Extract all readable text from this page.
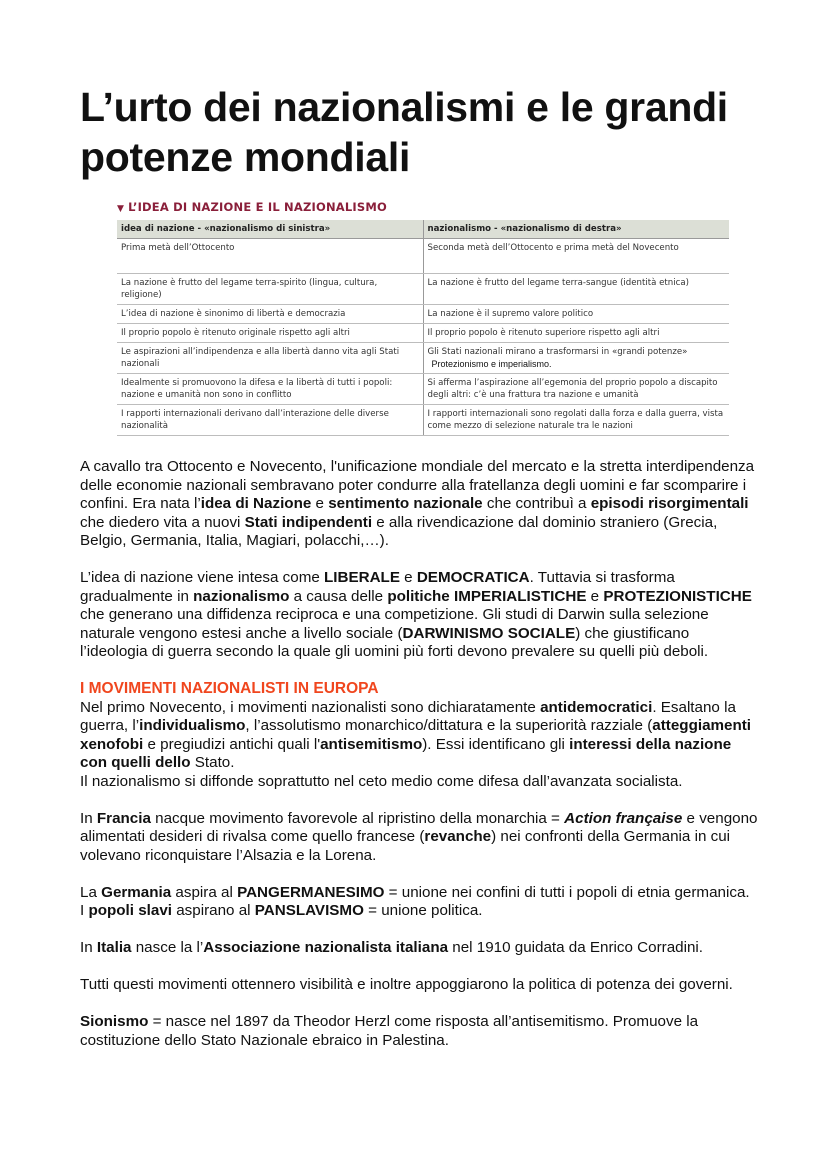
L’urto dei nazionalismi e le grandi potenze mondiali
▼ L’IDEA DI NAZIONE E IL NAZIONALISMO
idea di nazione - «nazionalismo di sinistra»	nazionalismo - «nazionalismo di destra»
Prima metà dell’Ottocento	Seconda metà dell’Ottocento e prima metà del Novecento
La nazione è frutto del legame terra-spirito (lingua, cultura, religione)	La nazione è frutto del legame terra-sangue (identità etnica)
L’idea di nazione è sinonimo di libertà e democrazia	La nazione è il supremo valore politico
Il proprio popolo è ritenuto originale rispetto agli altri	Il proprio popolo è ritenuto superiore rispetto agli altri
Le aspirazioni all’indipendenza e alla libertà danno vita agli Stati nazionali	Gli Stati nazionali mirano a trasformarsi in «grandi potenze»
Protezionismo e imperialismo.

Idealmente si promuovono la difesa e la libertà di tutti i popoli: nazione e umanità non sono in conflitto	Si afferma l’aspirazione all’egemonia del proprio popolo a discapito degli altri: c’è una frattura tra nazione e umanità
I rapporti internazionali derivano dall’interazione delle diverse nazionalità	I rapporti internazionali sono regolati dalla forza e dalla guerra, vista come mezzo di selezione naturale tra le nazioni

A cavallo tra Ottocento e Novecento, l'unificazione mondiale del mercato e la stretta interdipendenza delle economie nazionali sembravano poter condurre alla fratellanza degli uomini e far scomparire i confini. Era nata l’idea di Nazione e sentimento nazionale che contribuì a episodi risorgimentali che diedero vita a nuovi Stati indipendenti e alla rivendicazione dal dominio straniero (Grecia, Belgio, Germania, Italia, Magiari, polacchi,…).

L’idea di nazione viene intesa come LIBERALE e DEMOCRATICA. Tuttavia si trasforma gradualmente in nazionalismo a causa delle politiche IMPERIALISTICHE e PROTEZIONISTICHE che generano una diffidenza reciproca e una competizione. Gli studi di Darwin sulla selezione naturale vengono estesi anche a livello sociale (DARWINISMO SOCIALE) che giustificano l’ideologia di guerra secondo la quale gli uomini più forti devono prevalere su quelli più deboli.

I MOVIMENTI NAZIONALISTI IN EUROPA

Nel primo Novecento, i movimenti nazionalisti sono dichiaratamente antidemocratici. Esaltano la guerra, l’individualismo, l’assolutismo monarchico/dittatura e la superiorità razziale (atteggiamenti xenofobi e pregiudizi antichi quali l'antisemitismo). Essi identificano gli interessi della nazione con quelli dello Stato.
Il nazionalismo si diffonde soprattutto nel ceto medio come difesa dall’avanzata socialista.

In Francia nacque movimento favorevole al ripristino della monarchia = Action française e vengono alimentati desideri di rivalsa come quello francese (revanche) nei confronti della Germania in cui volevano riconquistare l’Alsazia e la Lorena.

La Germania aspira al PANGERMANESIMO = unione nei confini di tutti i popoli di etnia germanica.
I popoli slavi aspirano al PANSLAVISMO = unione politica.

In Italia nasce la l’Associazione nazionalista italiana nel 1910 guidata da Enrico Corradini.

Tutti questi movimenti ottennero visibilità e inoltre appoggiarono la politica di potenza dei governi.

Sionismo = nasce nel 1897 da Theodor Herzl come risposta all’antisemitismo. Promuove la costituzione dello Stato Nazionale ebraico in Palestina.
